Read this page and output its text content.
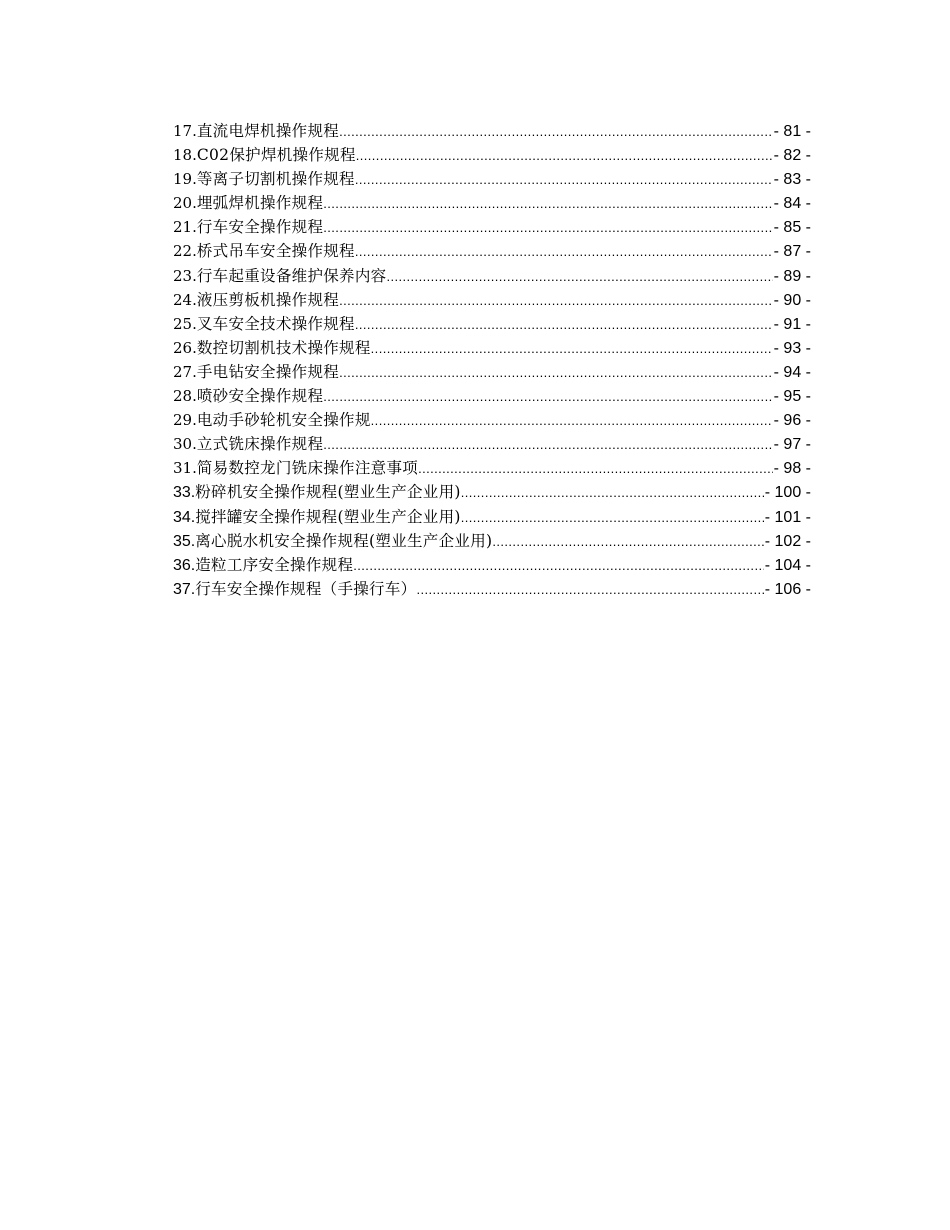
17. 直流电焊机操作规程 .....	- 81 -
18. C02保护焊机操作规程 .....	- 82 -
19. 等离子切割机操作规程 .....	- 83 -
20. 埋弧焊机操作规程 .....	- 84 -
21. 行车安全操作规程 .....	- 85 -
22. 桥式吊车安全操作规程 .....	- 87 -
23. 行车起重设备维护保养内容 .....	- 89 -
24. 液压剪板机操作规程 .....	- 90 -
25. 叉车安全技术操作规程 .....	- 91 -
26. 数控切割机技术操作规程 .....	- 93 -
27. 手电钻安全操作规程 .....	- 94 -
28. 喷砂安全操作规程 .....	- 95 -
29. 电动手砂轮机安全操作规 .....	- 96 -
30. 立式铣床操作规程 .....	- 97 -
31. 简易数控龙门铣床操作注意事项 .....	- 98 -
33. 粉碎机安全操作规程(塑业生产企业用) .....	- 100 -
34. 搅拌罐安全操作规程(塑业生产企业用) .....	- 101 -
35. 离心脱水机安全操作规程(塑业生产企业用) .....	- 102 -
36. 造粒工序安全操作规程 .....	- 104 -
37. 行车安全操作规程（手操行车） .....	- 106 -
